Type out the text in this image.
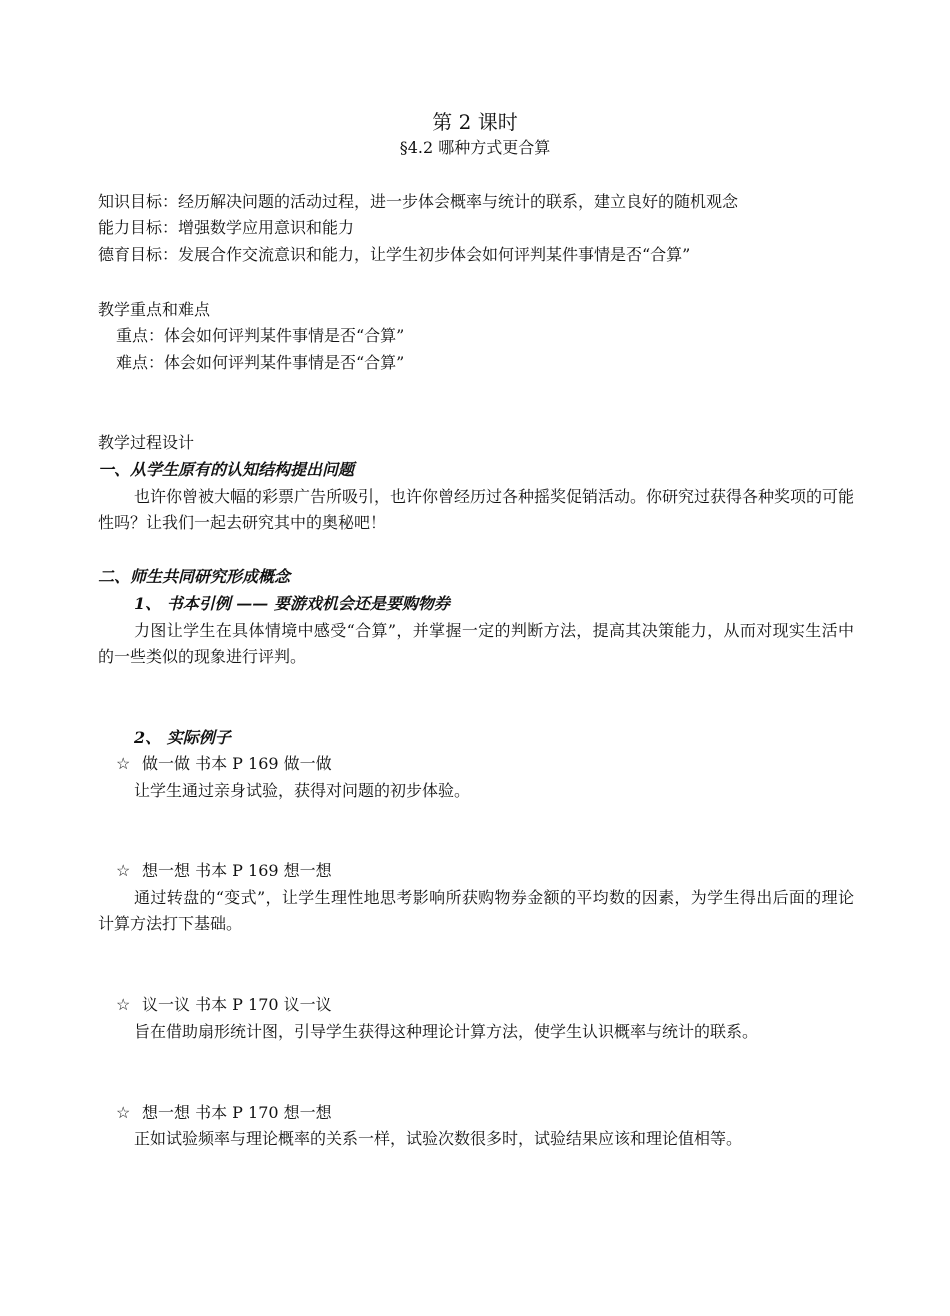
第 2 课时
§4.2 哪种方式更合算
知识目标：经历解决问题的活动过程，进一步体会概率与统计的联系，建立良好的随机观念
能力目标：增强数学应用意识和能力
德育目标：发展合作交流意识和能力，让学生初步体会如何评判某件事情是否“合算”
教学重点和难点
重点：体会如何评判某件事情是否“合算”
难点：体会如何评判某件事情是否“合算”
教学过程设计
一、从学生原有的认知结构提出问题
也许你曾被大幅的彩票广告所吸引，也许你曾经历过各种摇奖促销活动。你研究过获得各种奖项的可能性吗？让我们一起去研究其中的奥秘吧！
二、师生共同研究形成概念
1、 书本引例 —— 要游戏机会还是要购物券
力图让学生在具体情境中感受“合算”，并掌握一定的判断方法，提高其决策能力，从而对现实生活中的一些类似的现象进行评判。
2、 实际例子
☆ 做一做 书本 P 169 做一做
让学生通过亲身试验，获得对问题的初步体验。
☆ 想一想 书本 P 169 想一想
通过转盘的“变式”，让学生理性地思考影响所获购物券金额的平均数的因素，为学生得出后面的理论计算方法打下基础。
☆ 议一议 书本 P 170 议一议
旨在借助扇形统计图，引导学生获得这种理论计算方法，使学生认识概率与统计的联系。
☆ 想一想 书本 P 170 想一想
正如试验频率与理论概率的关系一样，试验次数很多时，试验结果应该和理论值相等。
